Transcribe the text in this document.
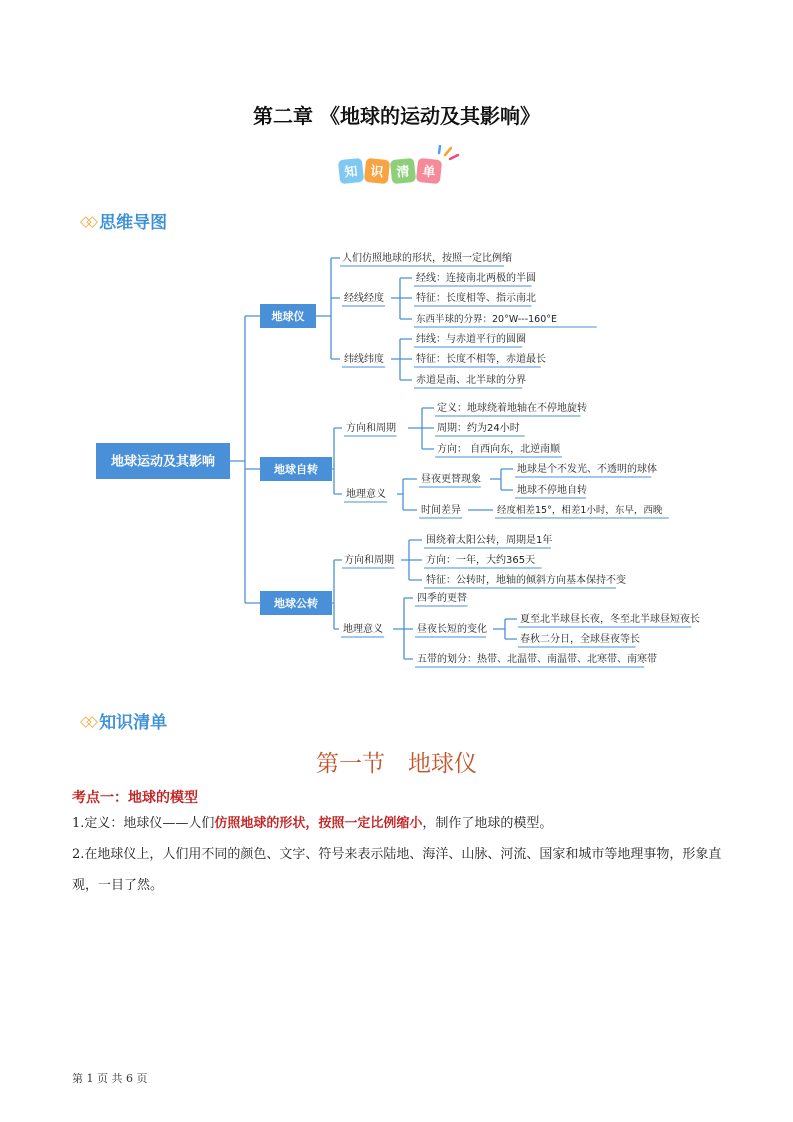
第二章 《地球的运动及其影响》
知 识 清 单
◇◇ 思维导图
地球运动及其影响
地球仪
地球自转
地球公转
人们仿照地球的形状，按照一定比例缩
经线经度
经线：连接南北两极的半圆
特征：长度相等、指示南北
东西半球的分界：20°W---160°E
纬线纬度
纬线：与赤道平行的圆圈
特征：长度不相等，赤道最长
赤道是南、北半球的分界
方向和周期
定义：地球绕着地轴在不停地旋转
周期：约为24小时
方向： 自西向东，北逆南顺
地理意义
昼夜更替现象
地球是个不发光、不透明的球体
地球不停地自转
时间差异	经度相差15°，相差1小时，东早，西晚
方向和周期
围绕着太阳公转，周期是1年
方向：一年，大约365天
特征：公转时，地轴的倾斜方向基本保持不变
地理意义
四季的更替
昼夜长短的变化
夏至北半球昼长夜，冬至北半球昼短夜长
春秋二分日，全球昼夜等长
五带的划分：热带、北温带、南温带、北寒带、南寒带
◇◇ 知识清单
第一节　地球仪
考点一：地球的模型
1.定义：地球仪——人们仿照地球的形状，按照一定比例缩小，制作了地球的模型。
2.在地球仪上，人们用不同的颜色、文字、符号来表示陆地、海洋、山脉、河流、国家和城市等地理事物，形象直观，一目了然。
第 1 页 共 6 页
